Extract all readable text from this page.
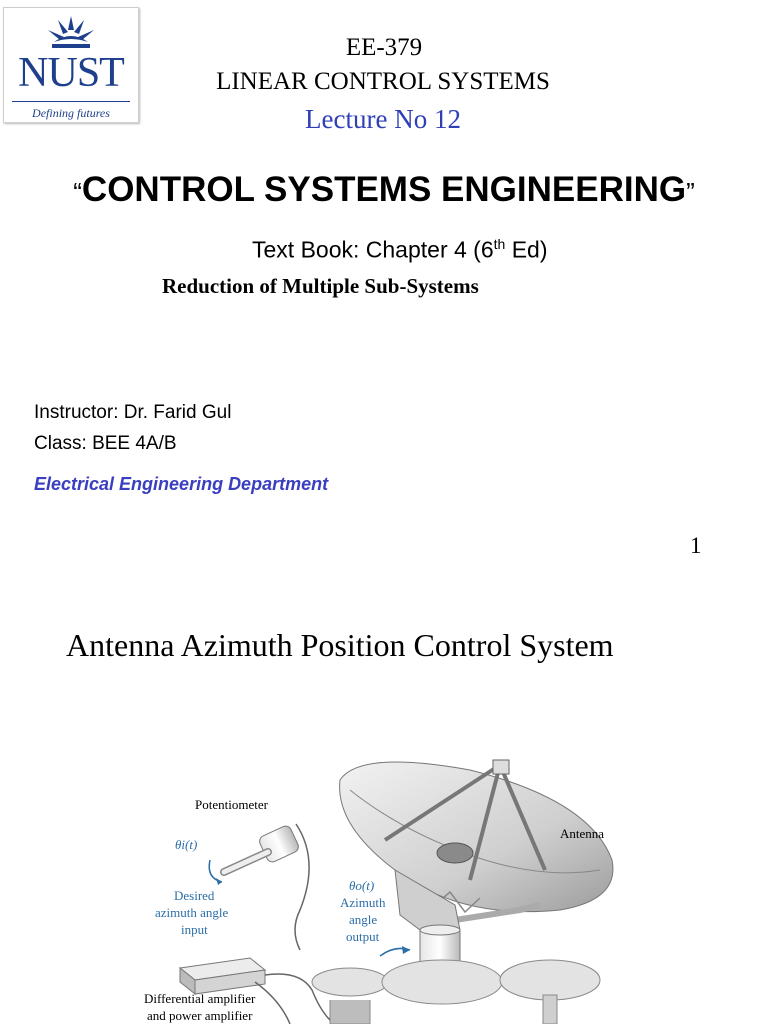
NUST
Defining futures
EE-379
LINEAR CONTROL SYSTEMS
Lecture No 12
“CONTROL SYSTEMS ENGINEERING”
Text Book: Chapter 4 (6th Ed)
Reduction of Multiple Sub-Systems
Instructor: Dr. Farid Gul
Class: BEE 4A/B
Electrical Engineering Department
1
Antenna Azimuth Position Control System
Potentiometer
θi(t)
Desired
azimuth angle
input
θo(t)
Azimuth
angle
output
Antenna
Differential amplifier
and power amplifier
